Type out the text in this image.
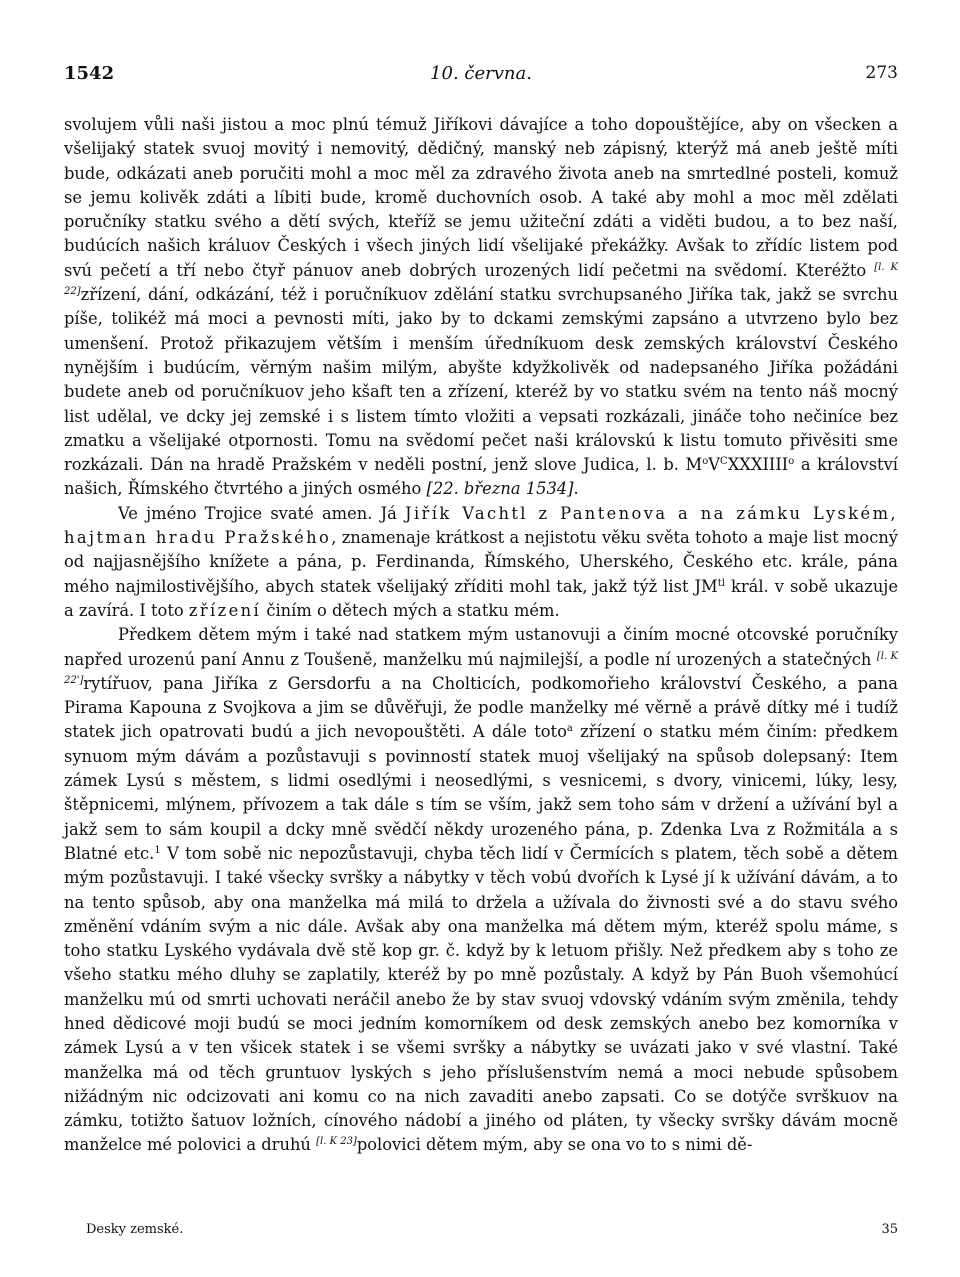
1542	10. června.	273

svolujem vůli naši jistou a moc plnú témuž Jiříkovi dávajíce a toho dopouštějíce, aby on všecken a všelijaký statek svuoj movitý i nemovitý, dědičný, manský neb zápisný, kterýž má aneb ještě míti bude, odkázati aneb poručiti mohl a moc měl za zdravého života aneb na smrtedlné posteli, komuž se jemu kolivěk zdáti a líbiti bude, kromě duchovních osob. A také aby mohl a moc měl zdělati poručníky statku svého a dětí svých, kteříž se jemu užiteční zdáti a viděti budou, a to bez naší, budúcích našich králuov Českých i všech jiných lidí všelijaké překážky. Avšak to zřídíc listem pod svú pečetí a tří nebo čtyř pánuov aneb dobrých urozených lidí pečetmi na svědomí. Kteréžto [l. K 22]zřízení, dání, odkázání, též i poručníkuov zdělání statku svrchupsaného Jiříka tak, jakž se svrchu píše, tolikéž má moci a pevnosti míti, jako by to dckami zemskými zapsáno a utvrzeno bylo bez umenšení. Protož přikazujem větším i menším úředníkuom desk zemských království Českého nynějším i budúcím, věrným našim milým, abyšte kdyžkolivěk od nadepsaného Jiříka požádáni budete aneb od poručníkuov jeho kšaft ten a zřízení, kteréž by vo statku svém na tento náš mocný list udělal, ve dcky jej zemské i s listem tímto vložiti a vepsati rozkázali, jináče toho nečiníce bez zmatku a všelijaké otpornosti. Tomu na svědomí pečet naši královskú k listu tomuto přivěsiti sme rozkázali. Dán na hradě Pražském v neděli postní, jenž slove Judica, l. b. $M^oV^CXXXIIII^o$ a království našich, Římského čtvrtého a jiných osmého [22. března 1534].

Ve jméno Trojice svaté amen. Já Jiřík Vachtl z Pantenova a na zámku Lyském, hajtman hradu Pražského, znamenaje krátkost a nejistotu věku světa tohoto a maje list mocný od najjasnějšího knížete a pána, p. Ferdinanda, Římského, Uherského, Českého etc. krále, pána mého najmilostivějšího, abych statek všelijaký zříditi mohl tak, jakž týž list $JM^{tl}$ král. v sobě ukazuje a zavírá. I toto zřízení činím o dětech mých a statku mém.

Předkem dětem mým i také nad statkem mým ustanovuji a činím mocné otcovské poručníky napřed urozenú paní Annu z Toušeně, manželku mú najmilejší, a podle ní urozených a statečných [l. K 22']rytířuov, pana Jiříka z Gersdorfu a na Cholticích, podkomořieho království Českého, a pana Pirama Kapouna z Svojkova a jim se důvěřuji, že podle manželky mé věrně a právě dítky mé i tudíž statek jich opatrovati budú a jich nevopouštěti. A dále toto$^a$ zřízení o statku mém činím: předkem synuom mým dávám a pozůstavuji s povinností statek muoj všelijaký na spůsob dolepsaný: Item zámek Lysú s městem, s lidmi osedlými i neosedlými, s vesnicemi, s dvory, vinicemi, lúky, lesy, štěpnicemi, mlýnem, přívozem a tak dále s tím se vším, jakž sem toho sám v držení a užívání byl a jakž sem to sám koupil a dcky mně svědčí někdy urozeného pána, p. Zdenka Lva z Rožmitála a s Blatné etc.$^1$ V tom sobě nic nepozůstavuji, chyba těch lidí v Čermících s platem, těch sobě a dětem mým pozůstavuji. I také všecky svršky a nábytky v těch vobú dvořích k Lysé jí k užívání dávám, a to na tento spůsob, aby ona manželka má milá to držela a užívala do živnosti své a do stavu svého změnění vdáním svým a nic dále. Avšak aby ona manželka má dětem mým, kteréž spolu máme, s toho statku Lyského vydávala dvě stě kop gr. č. když by k letuom přišly. Než předkem aby s toho ze všeho statku mého dluhy se zaplatily, kteréž by po mně pozůstaly. A když by Pán Buoh všemohúcí manželku mú od smrti uchovati neráčil anebo že by stav svuoj vdovský vdáním svým změnila, tehdy hned dědicové moji budú se moci jedním komorníkem od desk zemských anebo bez komorníka v zámek Lysú a v ten všicek statek i se všemi svršky a nábytky se uvázati jako v své vlastní. Také manželka má od těch gruntuov lyských s jeho příslušenstvím nemá a moci nebude spůsobem nižádným nic odcizovati ani komu co na nich zavaditi anebo zapsati. Co se dotýče svrškuov na zámku, totižto šatuov ložních, cínového nádobí a jiného od pláten, ty všecky svršky dávám mocně manželce mé polovici a druhú [l. K 23]polovici dětem mým, aby se ona vo to s nimi dě-

Desky zemské.	35
